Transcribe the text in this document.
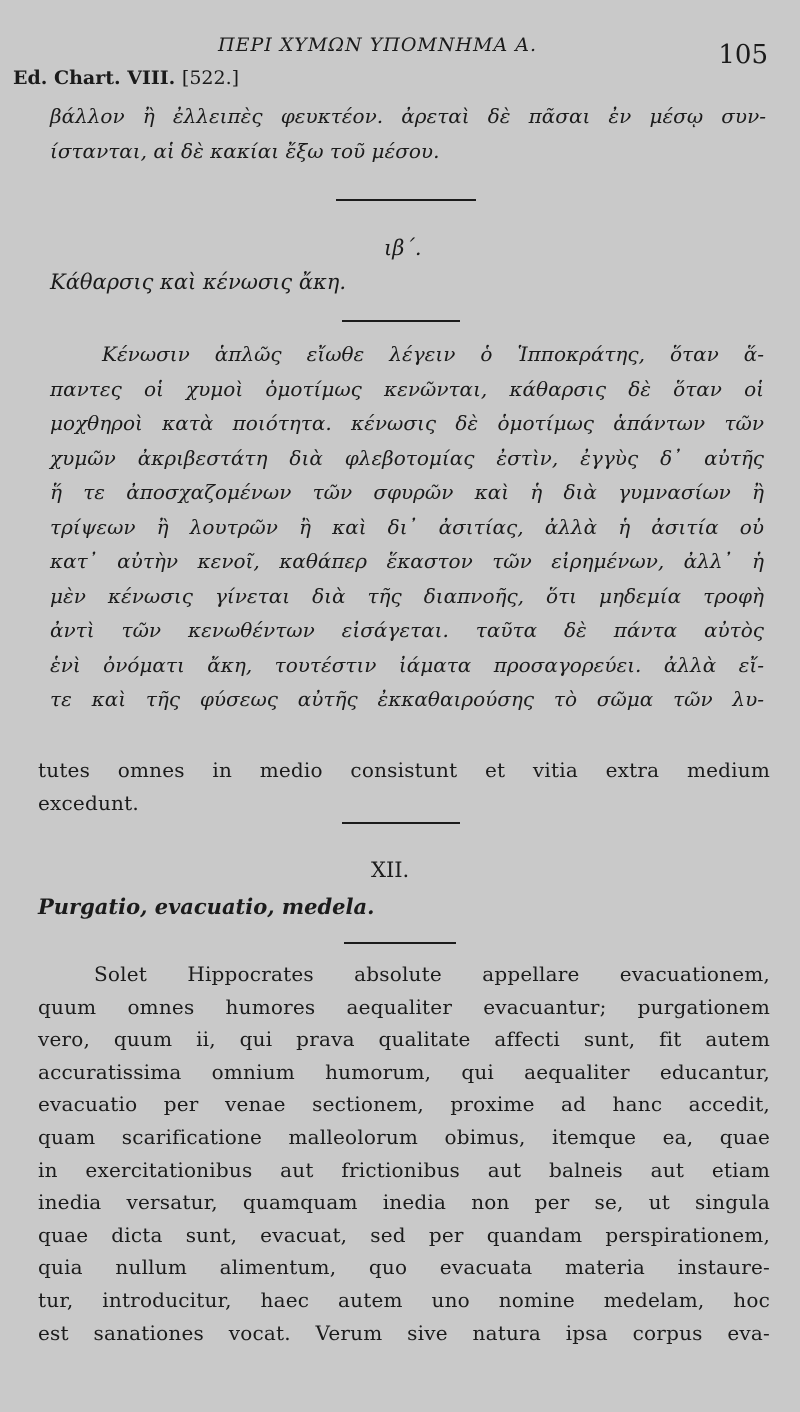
ΠΕΡΙ ΧΥΜΩΝ ΥΠΟΜΝΗΜΑ Α.	105
Ed. Chart. VIII. [522.]
βάλλον ἢ ἐλλειπὲς φευκτέον. ἀρεταὶ δὲ πᾶσαι ἐν μέσῳ συν-
ίστανται, αἱ δὲ κακίαι ἔξω τοῦ μέσου.
ιβ΄.
Κάθαρσις καὶ κένωσις ἄκη.
Κένωσιν ἁπλῶς εἴωθε λέγειν ὁ Ἱπποκράτης, ὅταν ἅ-
παντες οἱ χυμοὶ ὁμοτίμως κενῶνται, κάθαρσις δὲ ὅταν οἱ
μοχθηροὶ κατὰ ποιότητα. κένωσις δὲ ὁμοτίμως ἁπάντων τῶν
χυμῶν ἀκριβεστάτη διὰ φλεβοτομίας ἐστὶν, ἐγγὺς δ᾽ αὐτῆς
ἥ τε ἀποσχαζομένων τῶν σφυρῶν καὶ ἡ διὰ γυμνασίων ἢ
τρίψεων ἢ λουτρῶν ἢ καὶ δι᾽ ἀσιτίας, ἀλλὰ ἡ ἀσιτία οὐ
κατ᾽ αὐτὴν κενοῖ, καθάπερ ἕκαστον τῶν εἰρημένων, ἀλλ᾽ ἡ
μὲν κένωσις γίνεται διὰ τῆς διαπνοῆς, ὅτι μηδεμία τροφὴ
ἀντὶ τῶν κενωθέντων εἰσάγεται. ταῦτα δὲ πάντα αὐτὸς
ἑνὶ ὀνόματι ἄκη, τουτέστιν ἰάματα προσαγορεύει. ἀλλὰ εἴ-
τε καὶ τῆς φύσεως αὐτῆς ἐκκαθαιρούσης τὸ σῶμα τῶν λυ-
tutes omnes in medio consistunt et vitia extra medium
excedunt.
XII.
Purgatio, evacuatio, medela.
Solet Hippocrates absolute appellare evacuationem,
quum omnes humores aequaliter evacuantur; purgationem
vero, quum ii, qui prava qualitate affecti sunt, fit autem
accuratissima omnium humorum, qui aequaliter educantur,
evacuatio per venae sectionem, proxime ad hanc accedit,
quam scarificatione malleolorum obimus, itemque ea, quae
in exercitationibus aut frictionibus aut balneis aut etiam
inedia versatur, quamquam inedia non per se, ut singula
quae dicta sunt, evacuat, sed per quandam perspirationem,
quia nullum alimentum, quo evacuata materia instaure-
tur, introducitur, haec autem uno nomine medelam, hoc
est sanationes vocat. Verum sive natura ipsa corpus eva-
